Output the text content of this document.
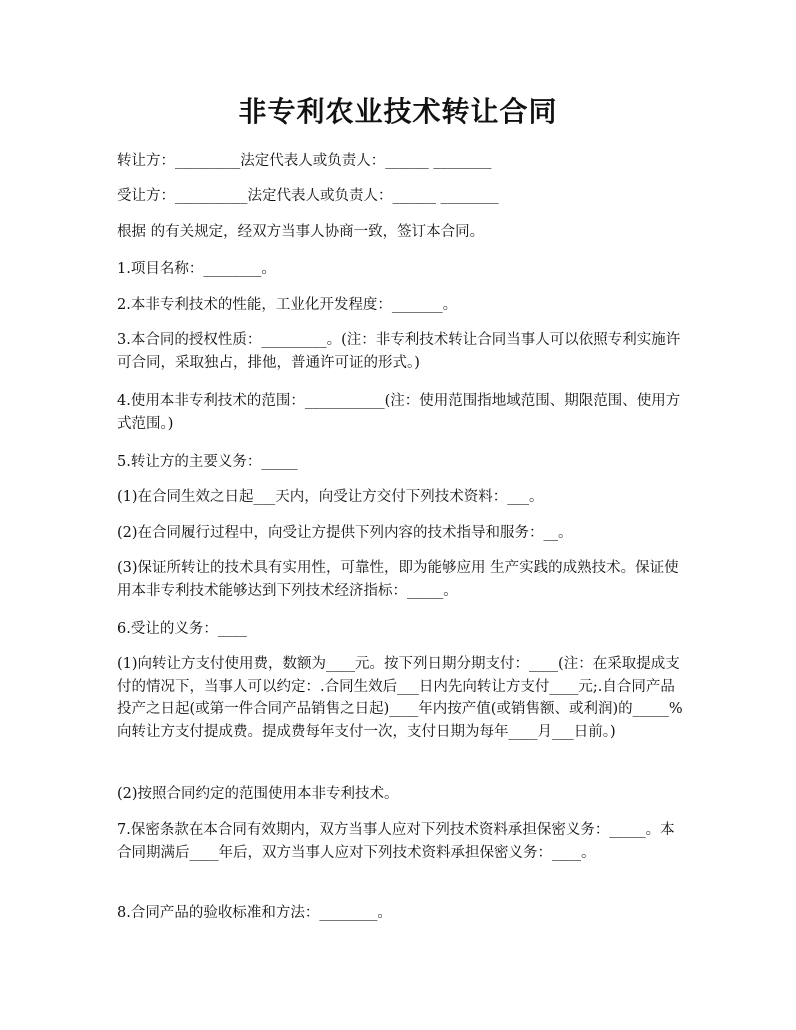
非专利农业技术转让合同
转让方：_________法定代表人或负责人：______ ________
受让方：__________法定代表人或负责人：______ ________
根据 的有关规定，经双方当事人协商一致，签订本合同。
1.项目名称：________。
2.本非专利技术的性能，工业化开发程度：_______。
3.本合同的授权性质：_________。(注：非专利技术转让合同当事人可以依照专利实施许可合同，采取独占，排他，普通许可证的形式。)
4.使用本非专利技术的范围：___________(注：使用范围指地域范围、期限范围、使用方式范围。)
5.转让方的主要义务：_____
(1)在合同生效之日起___天内，向受让方交付下列技术资料：___。
(2)在合同履行过程中，向受让方提供下列内容的技术指导和服务：__。
(3)保证所转让的技术具有实用性，可靠性，即为能够应用 生产实践的成熟技术。保证使用本非专利技术能够达到下列技术经济指标：_____。
6.受让的义务：____
(1)向转让方支付使用费，数额为____元。按下列日期分期支付：____(注：在采取提成支付的情况下，当事人可以约定：.合同生效后___日内先向转让方支付____元;.自合同产品投产之日起(或第一件合同产品销售之日起)____年内按产值(或销售额、或利润)的_____%向转让方支付提成费。提成费每年支付一次，支付日期为每年____月___日前。)
(2)按照合同约定的范围使用本非专利技术。
7.保密条款在本合同有效期内，双方当事人应对下列技术资料承担保密义务：_____。本合同期满后____年后，双方当事人应对下列技术资料承担保密义务：____。
8.合同产品的验收标准和方法：________。
